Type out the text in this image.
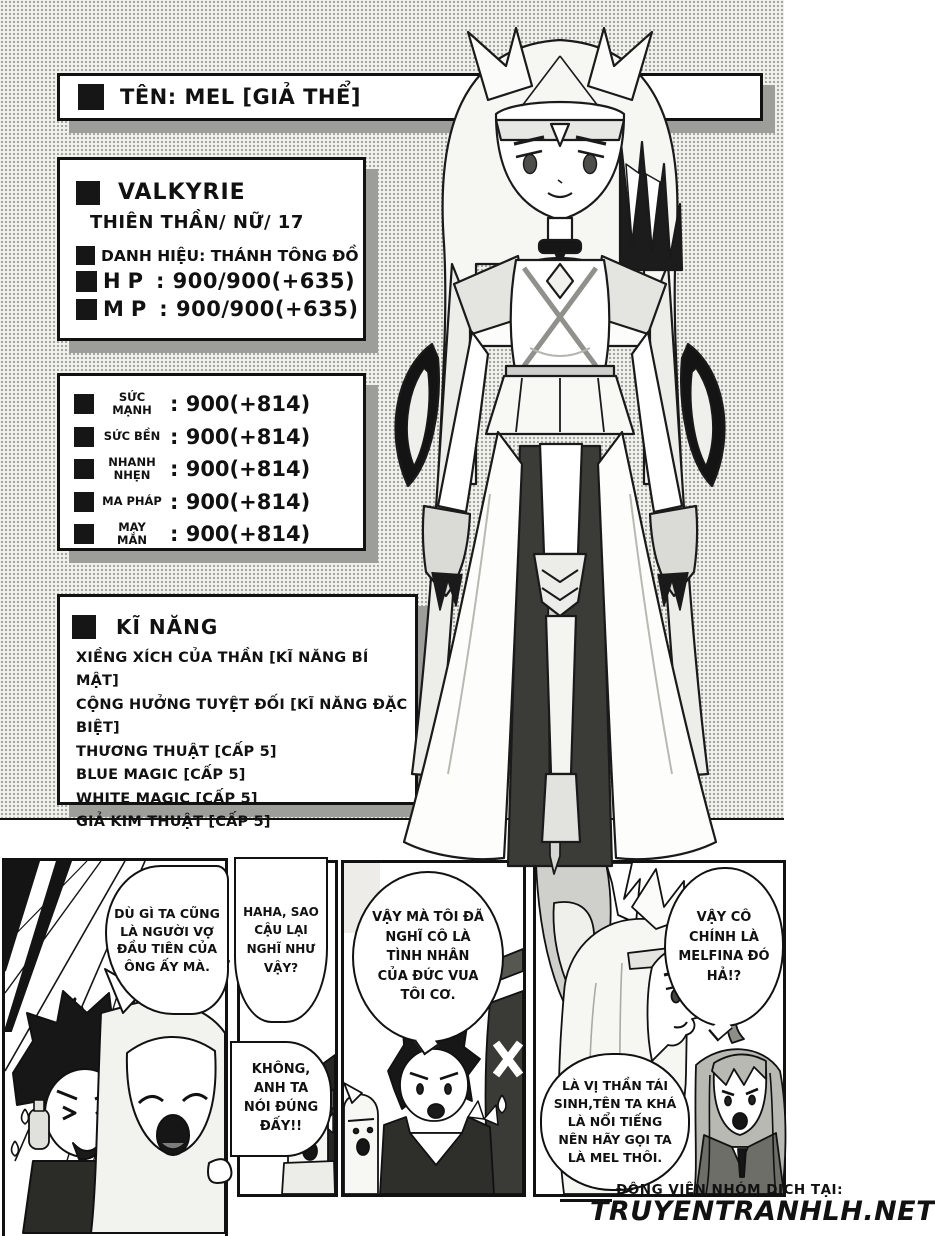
TÊN: MEL [GIẢ THỂ]
VALKYRIE
THIÊN THẦN/ NỮ/ 17
DANH HIỆU: THÁNH TÔNG ĐỒ
HP : 900/900(+635)
MP : 900/900(+635)
SỨC
MẠNH : 900(+814)
SỨC BỀN : 900(+814)
NHANH
NHẸN : 900(+814)
MA PHÁP : 900(+814)
MAY
MẮN	: 900(+814)
KĨ NĂNG
XIỀNG XÍCH CỦA THẦN [KĨ NĂNG BÍ MẬT]
CỘNG HƯỞNG TUYỆT ĐỐI [KĨ NĂNG ĐẶC BIỆT]
THƯƠNG THUẬT [CẤP 5]
BLUE MAGIC [CẤP 5]
WHITE MAGIC [CẤP 5]
GIẢ KIM THUẬT [CẤP 5]
DÙ GÌ TA CŨNG LÀ NGƯỜI VỢ ĐẦU TIÊN CỦA ÔNG ẤY MÀ.
HAHA, SAO CẬU LẠI NGHĨ NHƯ VẬY?
KHÔNG, ANH TA NÓI ĐÚNG ĐẤY!!
VẬY MÀ TÔI ĐÃ NGHĨ CÔ LÀ TÌNH NHÂN CỦA ĐỨC VUA TÔI CƠ.
VẬY CÔ CHÍNH LÀ MELFINA ĐÓ HẢ!?
LÀ VỊ THẦN TÁI SINH,TÊN TA KHÁ LÀ NỔI TIẾNG NÊN HÃY GỌI TA LÀ MEL THÔI.
ĐỘNG VIÊN NHÓM DỊCH TẠI:
TRUYENTRANHLH.NET
